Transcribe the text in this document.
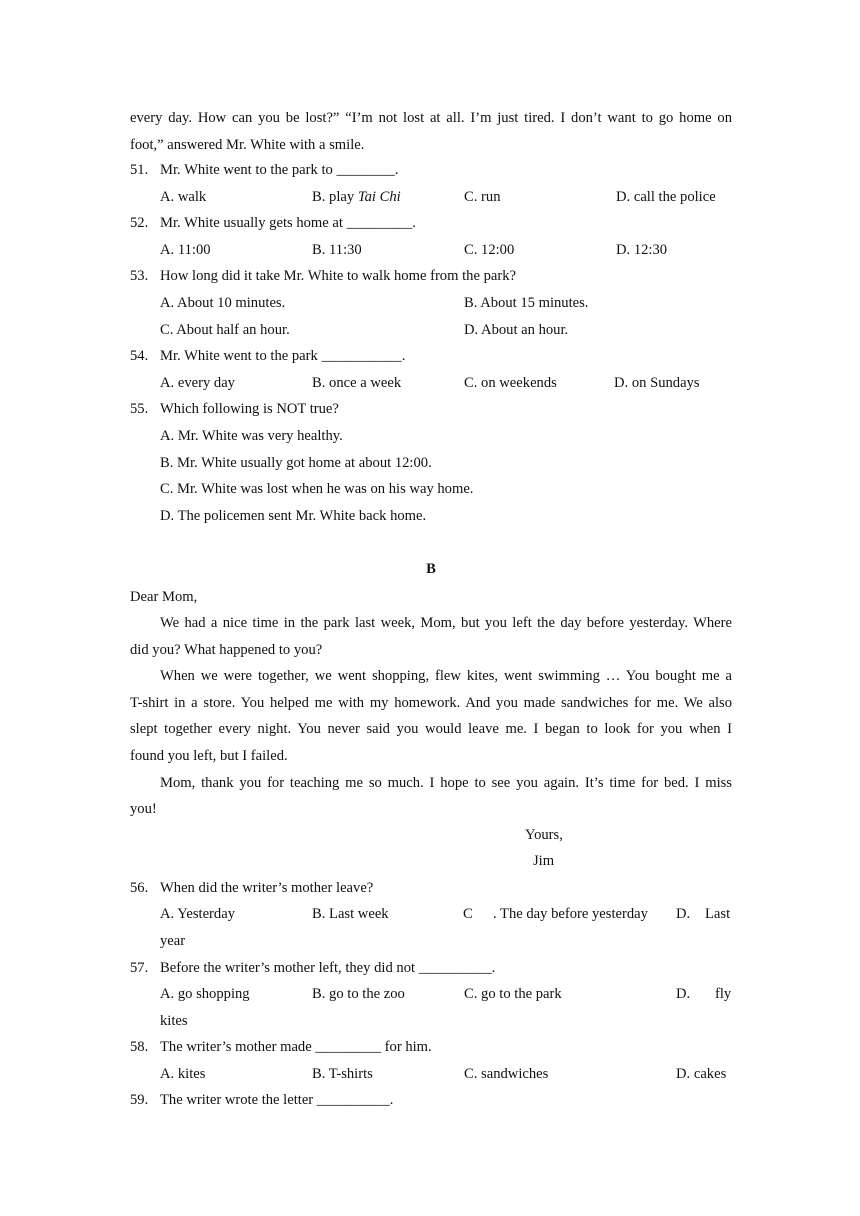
every day. How can you be lost?” “I’m not lost at all. I’m just tired. I don’t want to go home on
foot,” answered Mr. White with a smile.
51. Mr. White went to the park to ________.
A. walk	B. play Tai Chi	C. run	D. call the police
52. Mr. White usually gets home at _________.
A. 11:00	B. 11:30	C. 12:00	D. 12:30
53. How long did it take Mr. White to walk home from the park?
A. About 10 minutes.	B. About 15 minutes.
C. About half an hour.	D. About an hour.
54. Mr. White went to the park ___________.
A. every day	B. once a week	C. on weekends	D. on Sundays
55. Which following is NOT true?
A. Mr. White was very healthy.
B. Mr. White usually got home at about 12:00.
C. Mr. White was lost when he was on his way home.
D. The policemen sent Mr. White back home.
B
Dear Mom,
We had a nice time in the park last week, Mom, but you left the day before yesterday. Where
did you? What happened to you?
When we were together, we went shopping, flew kites, went swimming … You bought me a
T-shirt in a store. You helped me with my homework. And you made sandwiches for me. We also
slept together every night. You never said you would leave me. I began to look for you when I
found you left, but I failed.
Mom, thank you for teaching me so much. I hope to see you again. It’s time for bed. I miss
you!
Yours,
Jim
56. When did the writer’s mother leave?
A. Yesterday	B. Last week	C . The day before yesterday D. Last
year
57. Before the writer’s mother left, they did not __________.
A. go shopping	B. go to the zoo	C. go to the park	D. fly
kites
58. The writer’s mother made _________ for him.
A. kites	B. T-shirts	C. sandwiches	D. cakes
59. The writer wrote the letter __________.
